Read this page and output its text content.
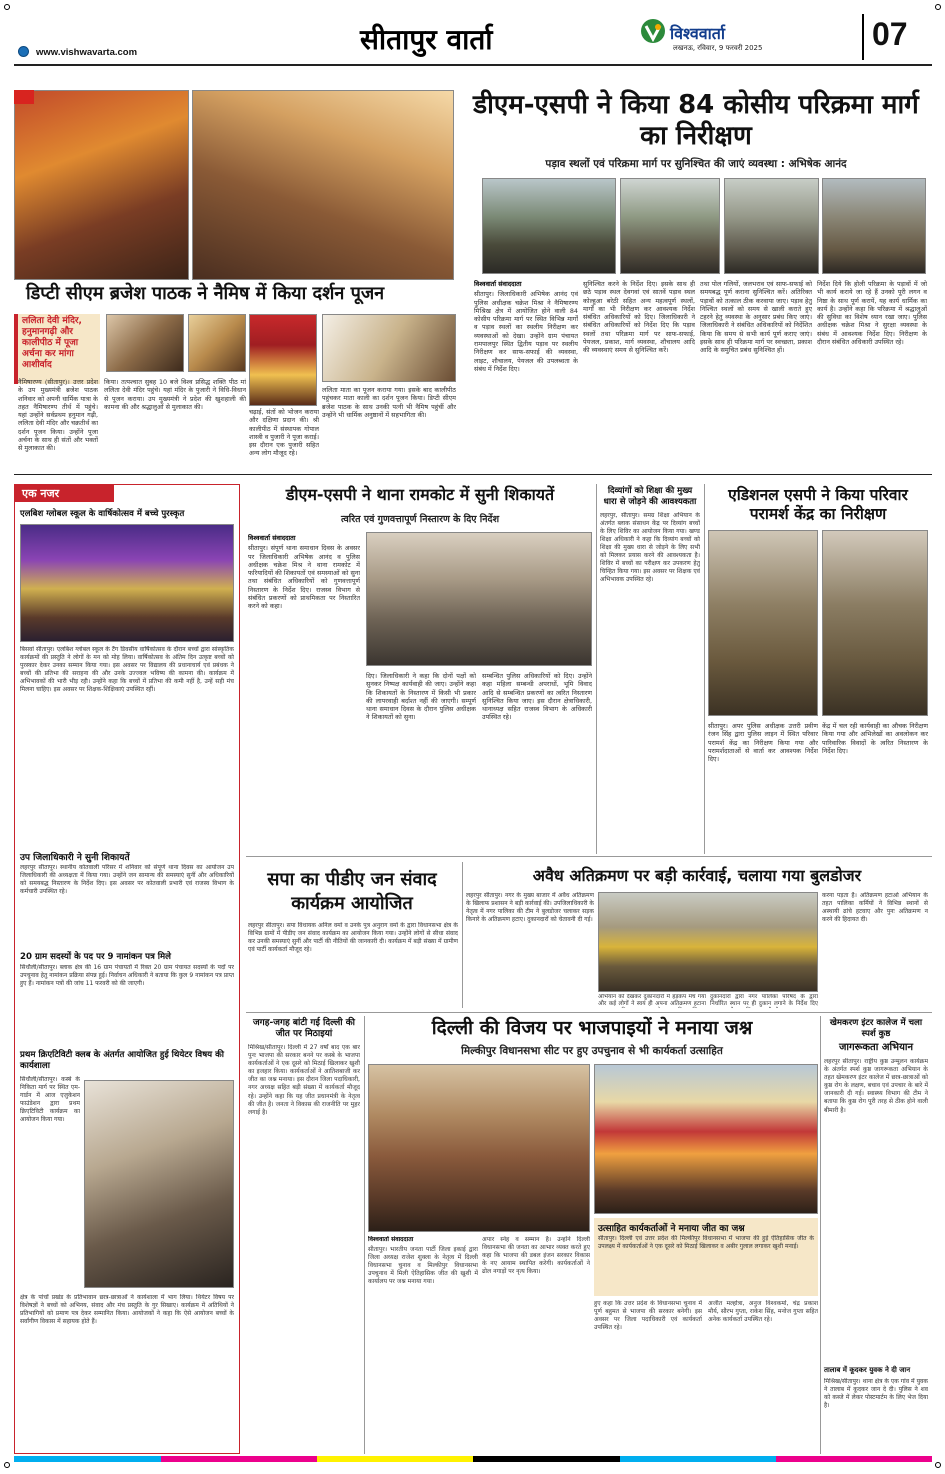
www.vishwavarta.com	सीतापुर वार्ता	विश्ववार्ता
लखनऊ, रविवार, 9 फरवरी 2025	07
डिप्टी सीएम ब्रजेश पाठक ने नैमिष में किया दर्शन पूजन
ललिता देवी मंदिर, हनुमानगढ़ी और कालीपीठ में पूजा अर्चना कर मांगा आशीर्वाद

नैमिषारण्य (सीतापुर)। उत्तर प्रदेश के उप मुख्यमंत्री ब्रजेश पाठक शनिवार को अपनी धार्मिक यात्रा के तहत नैमिषारण्य तीर्थ में पहुंचे। यहां उन्होंने सर्वप्रथम हनुमान गढ़ी, ललिता देवी मंदिर और चक्रतीर्थ का दर्शन पूजन किया। उन्होंने पूजा अर्चना के साथ ही संतों और भक्तों से मुलाकात की।

किया। तत्पश्चात सुबह 10 बजे विश्व प्रसिद्ध शक्ति पीठ मां ललिता देवी मंदिर पहुंचे। यहां मंदिर के पुजारी ने विधि-विधान से पूजन कराया। उप मुख्यमंत्री ने प्रदेश की खुशहाली की कामना की और श्रद्धालुओं से मुलाकात की।

चढ़ाई, संतों को भोजन कराया और दक्षिणा प्रदान की। श्री कालीपीठ में संस्थापक गोपाल शास्त्री व पुजारी ने पूजा कराई। इस दौरान एक पुजारी सहित अन्य लोग मौजूद रहे।

ललिता माता का पूजन कराया गया। इसके बाद कालीपीठ पहुंचकर माता काली का दर्शन पूजन किया। डिप्टी सीएम ब्रजेश पाठक के साथ उनकी पत्नी भी नैमिष पहुंचीं और उन्होंने भी धार्मिक अनुष्ठानों में सहभागिता की।

डीएम-एसपी ने किया 84 कोसीय परिक्रमा मार्ग का निरीक्षण
पड़ाव स्थलों एवं परिक्रमा मार्ग पर सुनिश्चित की जाएं व्यवस्था : अभिषेक आनंद

विश्ववार्ता संवाददाता

सीतापुर। जिलाधिकारी अभिषेक आनंद एवं पुलिस अधीक्षक चक्रेश मिश्रा ने नैमिषारण्य मिश्रिख क्षेत्र में आयोजित होने वाली 84 कोसीय परिक्रमा मार्ग पर स्थित विभिन्न मार्गों व पड़ाव स्थलों का स्थलीय निरीक्षण कर व्यवस्थाओं को देखा। उन्होंने ग्राम पंचायत रामपालपुर स्थित द्वितीय पड़ाव पर स्थलीय निरीक्षण कर साफ-सफाई की व्यवस्था, लाइट, शौचालय, पेयजल की उपलब्धता के संबंध में निर्देश दिए।

सुनिश्चित करने के निर्देश दिए। इसके साथ ही छठे पड़ाव स्थल देवगवां एवं सातवें पड़ाव स्थल कोल्हुआ बरेठी सहित अन्य महत्वपूर्ण स्थलों, मार्गों का भी निरीक्षण कर आवश्यक निर्देश संबंधित अधिकारियों को दिए। जिलाधिकारी ने संबंधित अधिकारियों को निर्देश दिए कि पड़ाव स्थलों तथा परिक्रमा मार्ग पर साफ-सफाई, पेयजल, प्रकाश, मार्ग व्यवस्था, शौचालय आदि की व्यवस्थाएं समय से सुनिश्चित करें।

तथा पोल गलियों, जलभराव एवं साफ-सफाई को समयबद्ध पूर्ण कराना सुनिश्चित करें। अतिरिक्त पड़ावों को तत्काल ठीक करवाया जाए। पड़ाव हेतु निश्चित स्थलों को समय से खाली कराते हुए टहरने हेतु व्यवस्था के अनुसार प्रबंध किए जाएं। जिलाधिकारी ने संबंधित अधिकारियों को निर्देशित किया कि समय से सभी कार्य पूर्ण कराए जाएं। इसके साथ ही परिक्रमा मार्ग पर स्वच्छता, प्रकाश आदि के समुचित प्रबंध सुनिश्चित हों।

निर्देश दिये कि होली परिक्रमा के पड़ावों में जो भी कार्य कराये जा रहे हैं उनको पूरी लगन व निष्ठा के साथ पूर्ण करायें, यह कार्य धार्मिक का कार्य है। उन्होंने कहा कि परिक्रमा में श्रद्धालुओं की सुविधा का विशेष ध्यान रखा जाए। पुलिस अधीक्षक चक्रेश मिश्रा ने सुरक्षा व्यवस्था के संबंध में आवश्यक निर्देश दिए। निरीक्षण के दौरान संबंधित अधिकारी उपस्थित रहे।

एक नजर
एलबिश ग्लोबल स्कूल के वार्षिकोत्सव में बच्चे पुरस्कृत
बिसवां सीतापुर। एलबिश ग्लोबल स्कूल के टैंग डिवसीय वार्षिकोत्सव के दौरान बच्चों द्वारा सांस्कृतिक कार्यक्रमों की प्रस्तुति ने लोगों के मन को मोह लिया। वार्षिकोत्सव के अंतिम दिन उत्कृष्ट बच्चों को पुरस्कार देकर उनका सम्मान किया गया। इस अवसर पर विद्यालय की प्रधानाचार्य एवं प्रबंधक ने बच्चों की प्रतिभा की सराहना की और उनके उज्ज्वल भविष्य की कामना की। कार्यक्रम में अभिभावकों की भारी भीड़ रही। उन्होंने कहा कि बच्चों में प्रतिभा की कमी नहीं है, उन्हें सही मंच मिलना चाहिए। इस अवसर पर शिक्षक-शिक्षिकाएं उपस्थित रहीं।
उप जिलाधिकारी ने सुनी शिकायतें
लहरपुर सीतापुर। स्थानीय कोतवाली परिसर में शनिवार को संपूर्ण थाना दिवस का आयोजन उप जिलाधिकारी की अध्यक्षता में किया गया। उन्होंने जन सामान्य की समस्याएं सुनीं और अधिकारियों को समयबद्ध निस्तारण के निर्देश दिए। इस अवसर पर कोतवाली प्रभारी एवं राजस्व विभाग के कर्मचारी उपस्थित रहे।
20 ग्राम सदस्यों के पद पर 9 नामांकन पत्र मिले
सिधौली/सीतापुर। ब्लाक क्षेत्र की 16 ग्राम पंचायतों में रिक्त 20 ग्राम पंचायत सदस्यों के पदों पर उपचुनाव हेतु नामांकन प्रक्रिया संपन्न हुई। निर्वाचन अधिकारी ने बताया कि कुल 9 नामांकन पत्र प्राप्त हुए हैं। नामांकन पत्रों की जांच 11 फरवरी को की जाएगी।
प्रथम क्रिएटिविटी क्लब के अंतर्गत आयोजित हुई थियेटर विषय की कार्यशाला
सिधौली/सीतापुर। कस्बे के निकिता मार्ग पर स्थित एम-गार्डन में आज एजुकेशन फाउंडेशन द्वारा प्रथम क्रिएटिविटी कार्यक्रम का आयोजन किया गया।
क्षेत्र के पांचों प्रखंड के प्रतिभावान छात्र-छात्राओं ने कार्यशाला में भाग लिया। थियेटर विषय पर विशेषज्ञों ने बच्चों को अभिनय, संवाद और मंच प्रस्तुति के गुर सिखाए। कार्यक्रम में अतिथियों ने प्रतिभागियों को प्रमाण पत्र देकर सम्मानित किया। आयोजकों ने कहा कि ऐसे आयोजन बच्चों के सर्वांगीण विकास में सहायक होते हैं।
डीएम-एसपी ने थाना रामकोट में सुनी शिकायतें
त्वरित एवं गुणवत्तापूर्ण निस्तारण के दिए निर्देश

विश्ववार्ता संवाददाता

सीतापुर। संपूर्ण थाना समाधान दिवस के अवसर पर जिलाधिकारी अभिषेक आनंद व पुलिस अधीक्षक चक्रेश मिश्र ने थाना रामकोट में फरियादियों की शिकायतों एवं समस्याओं को सुना तथा संबंधित अधिकारियों को गुणवत्तापूर्ण निस्तारण के निर्देश दिए। राजस्व विभाग से संबंधित प्रकरणों को प्राथमिकता पर निस्तारित करने को कहा।

दिए। जिलाधिकारी ने कहा कि दोनों पक्षों को सुनकर निष्पक्ष कार्यवाही की जाए। उन्होंने कहा कि शिकायतों के निस्तारण में किसी भी प्रकार की लापरवाही बर्दाश्त नहीं की जाएगी। सम्पूर्ण थाना समाधान दिवस के दौरान पुलिस अधीक्षक ने शिकायतों को सुना।

सम्बन्धित पुलिस अधिकारियों को दिए। उन्होंने कहा महिला सम्बन्धी अपराधों, भूमि विवाद आदि से सम्बन्धित प्रकरणों का त्वरित निस्तारण सुनिश्चित किया जाए। इस दौरान क्षेत्राधिकारी, थानाध्यक्ष सहित राजस्व विभाग के अधिकारी उपस्थित रहे।

दिव्यांगों को शिक्षा की मुख्य धारा से जोड़ने की आवश्यकता
लहरपुर, सीतापुर। समग्र शिक्षा अभियान के अंतर्गत ब्लाक संसाधन केंद्र पर दिव्यांग बच्चों के लिए शिविर का आयोजन किया गया। खण्ड शिक्षा अधिकारी ने कहा कि दिव्यांग बच्चों को शिक्षा की मुख्य धारा से जोड़ने के लिए सभी को मिलकर प्रयास करने की आवश्यकता है। शिविर में बच्चों का परीक्षण कर उपकरण हेतु चिन्हित किया गया। इस अवसर पर शिक्षक एवं अभिभावक उपस्थित रहे।
एडिशनल एसपी ने किया परिवार परामर्श केंद्र का निरीक्षण

सीतापुर। अपर पुलिस अधीक्षक उत्तरी प्रवीण रंजन सिंह द्वारा पुलिस लाइन में स्थित परिवार परामर्श केंद्र का निरीक्षण किया गया और परामर्शदाताओं से वार्ता कर आवश्यक निर्देश दिए।

केंद्र में चल रही कार्यवाही का औचक निरीक्षण किया गया और अभिलेखों का अवलोकन कर पारिवारिक विवादों के त्वरित निस्तारण के निर्देश दिए।

सपा का पीडीए जन संवाद कार्यक्रम आयोजित
लहरपुर सीतापुर। सपा विधायक अनिल वर्मा व उनके पुत्र अनुराग वर्मा के द्वारा विधानसभा क्षेत्र के विभिन्न ग्रामों में पीडीए जन संवाद कार्यक्रम का आयोजन किया गया। उन्होंने लोगों से सीधा संवाद कर उनकी समस्याएं सुनीं और पार्टी की नीतियों की जानकारी दी। कार्यक्रम में बड़ी संख्या में ग्रामीण एवं पार्टी कार्यकर्ता मौजूद रहे।
अवैध अतिक्रमण पर बड़ी कार्रवाई, चलाया गया बुलडोजर
लहरपुर सीतापुर। नगर के मुख्य बाजार में अवैध अतिक्रमण के खिलाफ प्रशासन ने बड़ी कार्रवाई की। उपजिलाधिकारी के नेतृत्व में नगर पालिका की टीम ने बुलडोजर चलाकर सड़क किनारे के अतिक्रमण हटाए। दुकानदारों को चेतावनी दी गई।
अभियान को देखकर दुकानदारों में हड़कंप मच गया और कई लोगों ने स्वयं ही अपना अतिक्रमण हटाना
दुकानदारों द्वारा नगर पालिका परिषद के द्वारा निर्धारित स्थान पर ही दुकान लगाने के निर्देश दिए
करना पड़ता है। अतिक्रमण हटाओ अभियान के तहत पालिका कर्मियों ने विभिन्न स्थानों से अस्थायी ढांचे हटवाए और पुनः अतिक्रमण न करने की हिदायत दी।
जगह-जगह बांटी गई दिल्ली की जीत पर मिठाइयां
मिश्रिख/सीतापुर। दिल्ली में 27 वर्षों बाद एक बार पुनः भाजपा की सरकार बनने पर कस्बे के भाजपा कार्यकर्ताओं ने एक दूसरे को मिठाई खिलाकर खुशी का इजहार किया। कार्यकर्ताओं ने आतिशबाजी कर जीत का जश्न मनाया। इस दौरान जिला पदाधिकारी, नगर अध्यक्ष सहित बड़ी संख्या में कार्यकर्ता मौजूद रहे। उन्होंने कहा कि यह जीत प्रधानमंत्री के नेतृत्व की जीत है। जनता ने विकास की राजनीति पर मुहर लगाई है।
दिल्ली की विजय पर भाजपाइयों ने मनाया जश्न
मिल्कीपुर विधानसभा सीट पर हुए उपचुनाव से भी कार्यकर्ता उत्साहित

विश्ववार्ता संवाददाता

सीतापुर। भारतीय जनता पार्टी जिला इकाई द्वारा जिला अध्यक्ष राजेश शुक्ला के नेतृत्व में दिल्ली विधानसभा चुनाव व मिल्कीपुर विधानसभा उपचुनाव में मिली ऐतिहासिक जीत की खुशी में कार्यालय पर जश्न मनाया गया।

अपार स्नेह व सम्मान है। उन्होंने दिल्ली विधानसभा की जनता का आभार व्यक्त करते हुए कहा कि भाजपा की डबल इंजन सरकार विकास के नए आयाम स्थापित करेगी। कार्यकर्ताओं ने ढोल नगाड़ों पर नृत्य किया।
उत्साहित कार्यकर्ताओं ने मनाया जीत का जश्न
सीतापुर। दिल्ली एवं उत्तर प्रदेश की मिल्कीपुर विधानसभा में भाजपा की हुई ऐतिहासिक जीत के उपलक्ष्य में कार्यकर्ताओं ने एक दूसरे को मिठाई खिलाकर व अबीर गुलाल लगाकर खुशी मनाई।
हुए कहा कि उत्तर प्रदेश के विधानसभा चुनाव में पूर्ण बहुमत से भाजपा की सरकार बनेगी। इस अवसर पर जिला पदाधिकारी एवं कार्यकर्ता उपस्थित रहे।
अजीत मल्होत्रा, अनुज विश्वकर्मा, चंद्र प्रकाश मौर्य, सौरभ गुप्ता, राकेश सिंह, मनोज गुप्ता सहित अनेक कार्यकर्ता उपस्थित रहे।
खेमकरण इंटर कालेज में चला स्पर्श कुष्ठ
जागरूकता अभियान
लहरपुर सीतापुर। राष्ट्रीय कुष्ठ उन्मूलन कार्यक्रम के अंतर्गत स्पर्श कुष्ठ जागरूकता अभियान के तहत खेमकरण इंटर कालेज में छात्र-छात्राओं को कुष्ठ रोग के लक्षण, बचाव एवं उपचार के बारे में जानकारी दी गई। स्वास्थ्य विभाग की टीम ने बताया कि कुष्ठ रोग पूरी तरह से ठीक होने वाली बीमारी है।
तालाब में कूदकर युवक ने दी जान
मिश्रिख/सीतापुर। थाना क्षेत्र के एक गांव में युवक ने तालाब में कूदकर जान दे दी। पुलिस ने शव को कब्जे में लेकर पोस्टमार्टम के लिए भेज दिया है।
